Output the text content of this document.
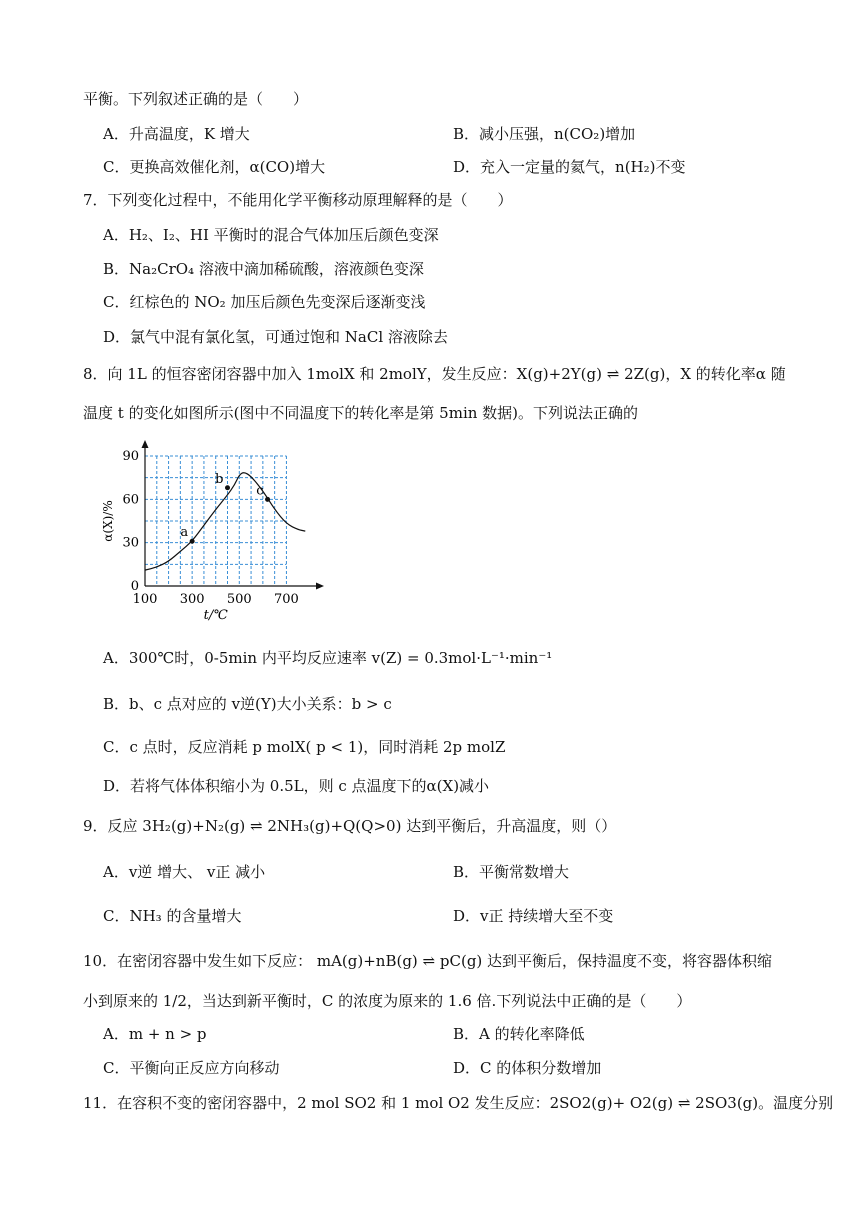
平衡。下列叙述正确的是（　　）
A．升高温度，K 增大	B．减小压强，n(CO₂)增加
C．更换高效催化剂，α(CO)增大	D．充入一定量的氦气，n(H₂)不变
7．下列变化过程中，不能用化学平衡移动原理解释的是（　　）
A．H₂、I₂、HI 平衡时的混合气体加压后颜色变深
B．Na₂CrO₄ 溶液中滴加稀硫酸，溶液颜色变深
C．红棕色的 NO₂ 加压后颜色先变深后逐渐变浅
D．氯气中混有氯化氢，可通过饱和 NaCl 溶液除去
8．向 1L 的恒容密闭容器中加入 1molX 和 2molY，发生反应：X(g)+2Y(g) ⇌ 2Z(g)，X 的转化率α 随
温度 t 的变化如图所示(图中不同温度下的转化率是第 5min 数据)。下列说法正确的
100 300 500 700
0
30
60
90
t/℃
α(X)/%	a
b
c
A．300℃时，0-5min 内平均反应速率 v(Z) = 0.3mol·L⁻¹·min⁻¹
B．b、c 点对应的 v逆(Y)大小关系：b > c
C．c 点时，反应消耗 p molX( p < 1)，同时消耗 2p molZ
D．若将气体体积缩小为 0.5L，则 c 点温度下的α(X)减小
9．反应 3H₂(g)+N₂(g) ⇌ 2NH₃(g)+Q(Q>0) 达到平衡后，升高温度，则（）
A．v逆 增大、 v正 减小	B．平衡常数增大
C．NH₃ 的含量增大	D．v正 持续增大至不变
10．在密闭容器中发生如下反应： mA(g)+nB(g) ⇌ pC(g) 达到平衡后，保持温度不变，将容器体积缩
小到原来的 1/2，当达到新平衡时，C 的浓度为原来的 1.6 倍.下列说法中正确的是（　　）
A．m + n > p	B．A 的转化率降低
C．平衡向正反应方向移动	D．C 的体积分数增加
11．在容积不变的密闭容器中，2 mol SO2 和 1 mol O2 发生反应：2SO2(g)+ O2(g) ⇌ 2SO3(g)。温度分别
